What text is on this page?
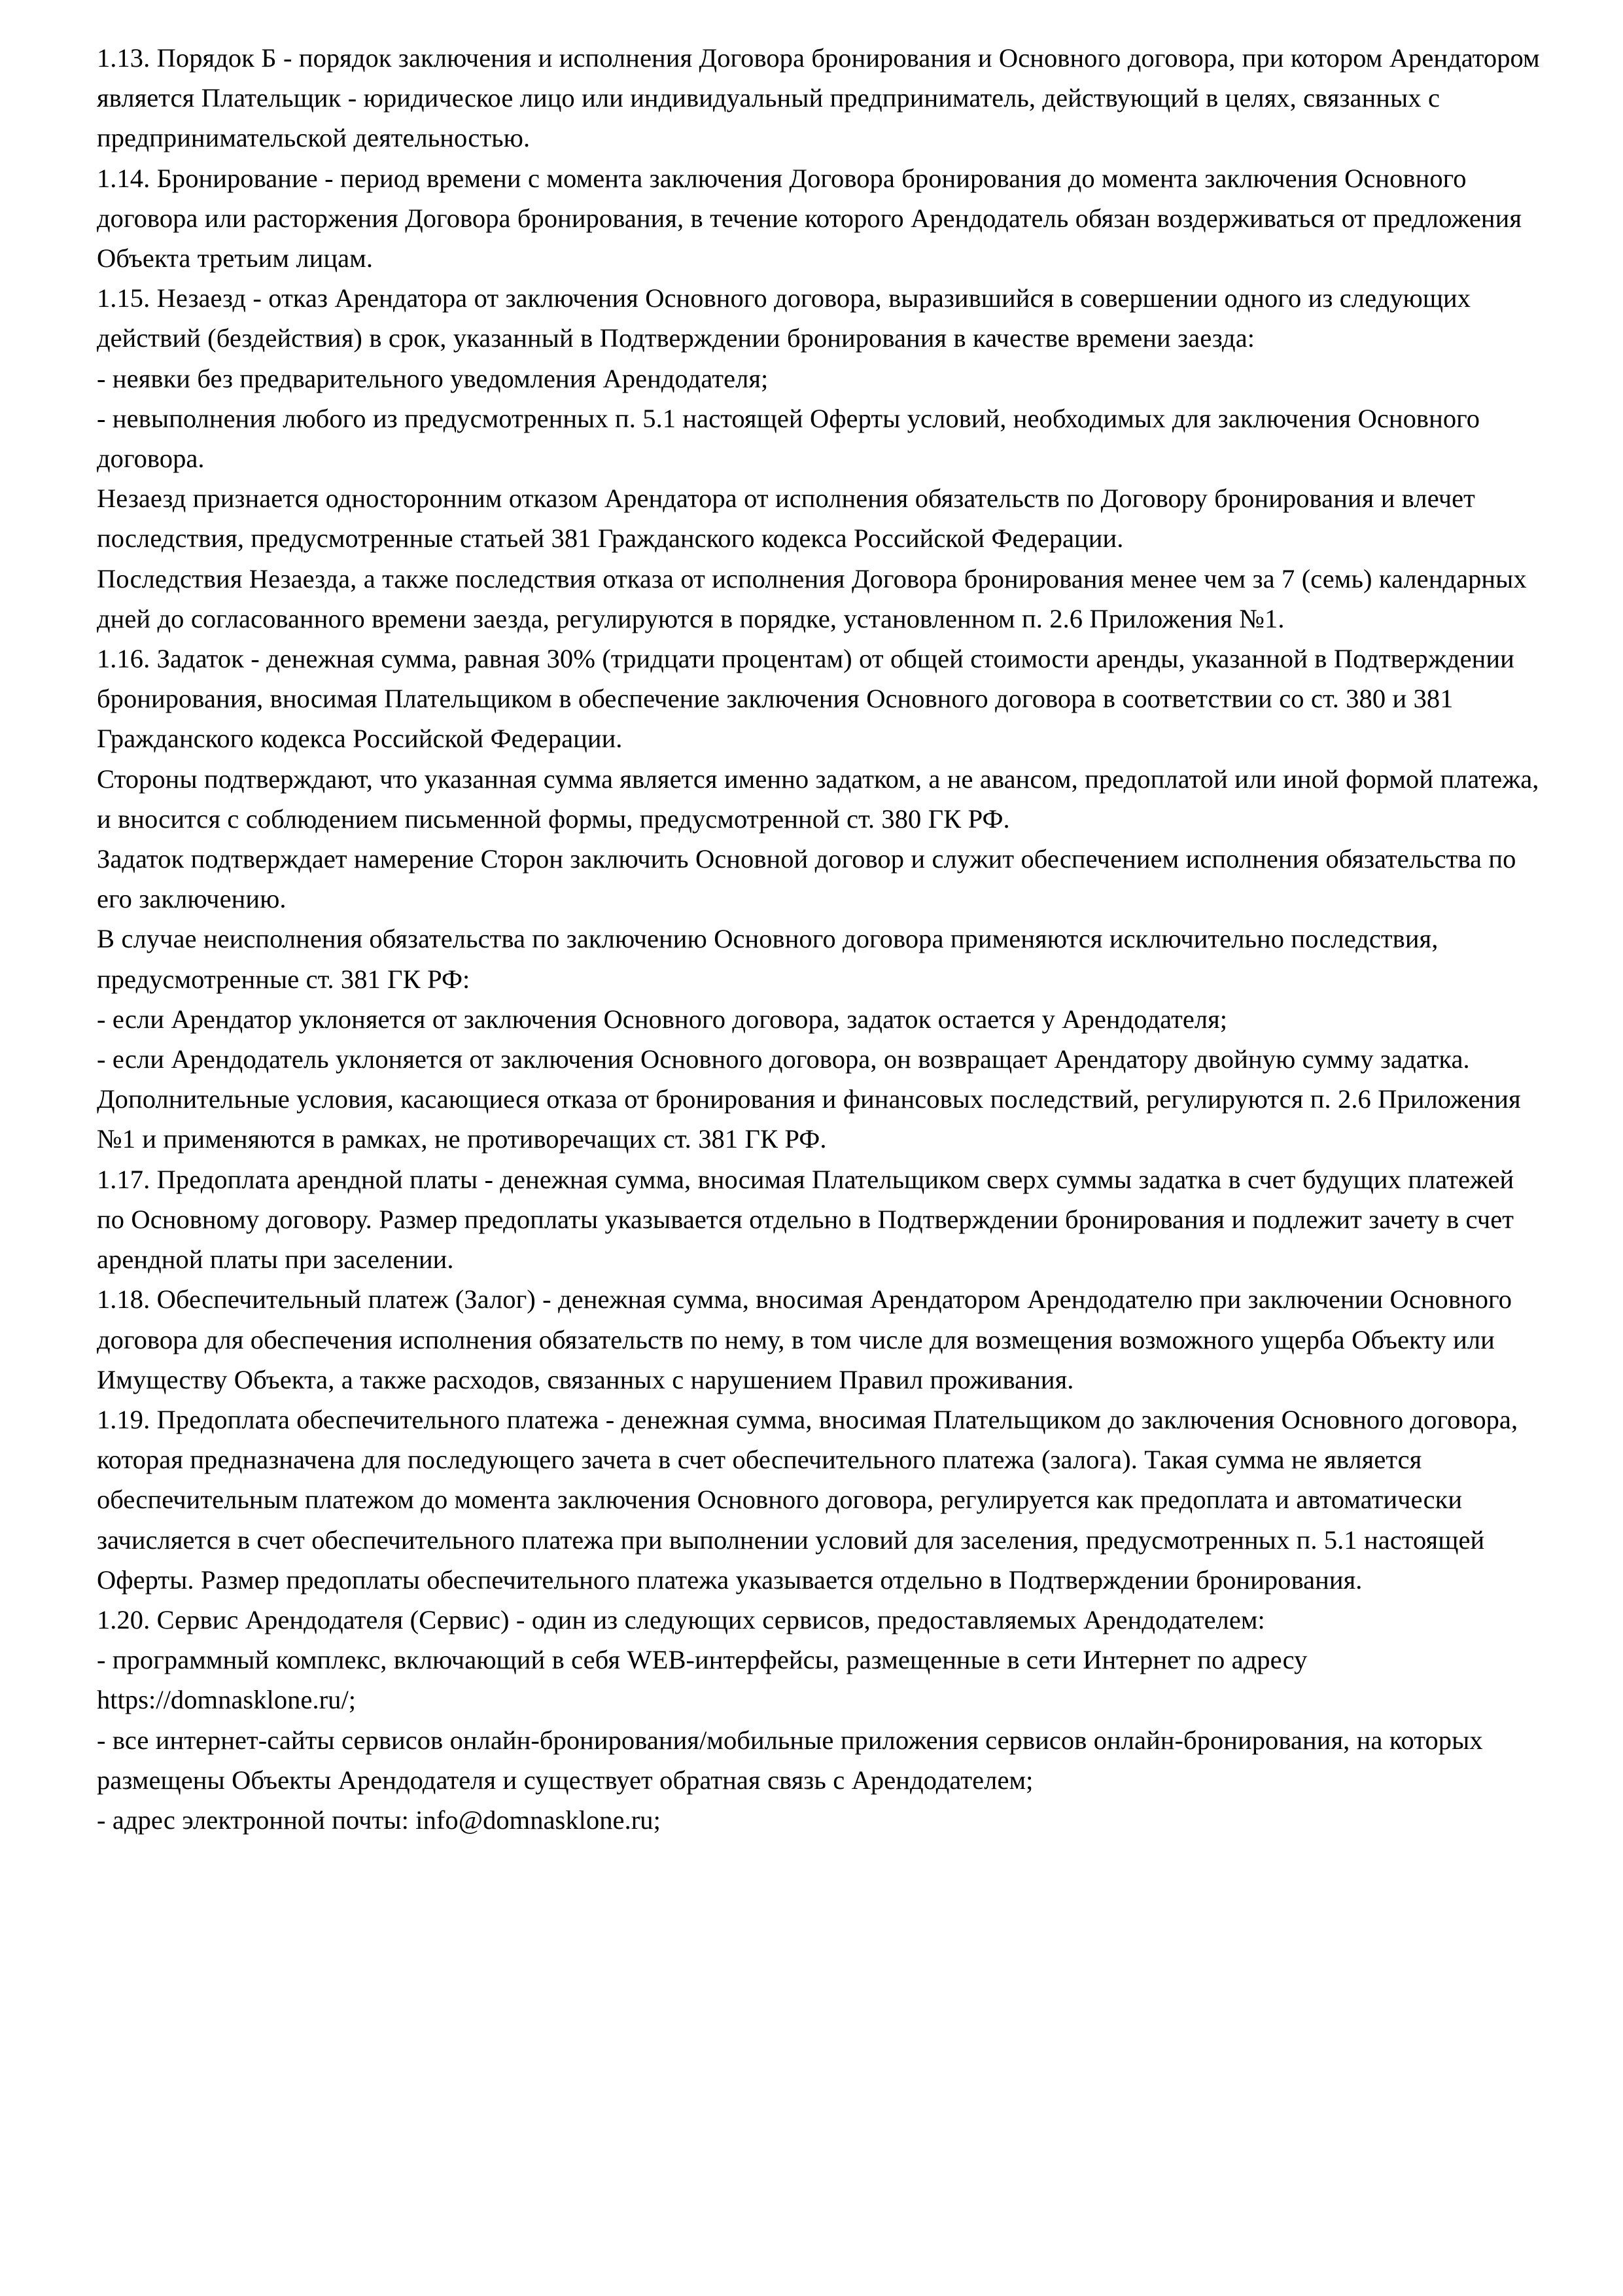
1.13. Порядок Б - порядок заключения и исполнения Договора бронирования и Основного договора, при котором Арендатором является Плательщик - юридическое лицо или индивидуальный предприниматель, действующий в целях, связанных с предпринимательской деятельностью.

1.14. Бронирование - период времени с момента заключения Договора бронирования до момента заключения Основного договора или расторжения Договора бронирования, в течение которого Арендодатель обязан воздерживаться от предложения Объекта третьим лицам.

1.15. Незаезд - отказ Арендатора от заключения Основного договора, выразившийся в совершении одного из следующих действий (бездействия) в срок, указанный в Подтверждении бронирования в качестве времени заезда:

- неявки без предварительного уведомления Арендодателя;

- невыполнения любого из предусмотренных п. 5.1 настоящей Оферты условий, необходимых для заключения Основного договора.

Незаезд признается односторонним отказом Арендатора от исполнения обязательств по Договору бронирования и влечет последствия, предусмотренные статьей 381 Гражданского кодекса Российской Федерации.

Последствия Незаезда, а также последствия отказа от исполнения Договора бронирования менее чем за 7 (семь) календарных дней до согласованного времени заезда, регулируются в порядке, установленном п. 2.6 Приложения №1.

1.16. Задаток - денежная сумма, равная 30% (тридцати процентам) от общей стоимости аренды, указанной в Подтверждении бронирования, вносимая Плательщиком в обеспечение заключения Основного договора в соответствии со ст. 380 и 381 Гражданского кодекса Российской Федерации.

Стороны подтверждают, что указанная сумма является именно задатком, а не авансом, предоплатой или иной формой платежа, и вносится с соблюдением письменной формы, предусмотренной ст. 380 ГК РФ.

Задаток подтверждает намерение Сторон заключить Основной договор и служит обеспечением исполнения обязательства по его заключению.

В случае неисполнения обязательства по заключению Основного договора применяются исключительно последствия, предусмотренные ст. 381 ГК РФ:

- если Арендатор уклоняется от заключения Основного договора, задаток остается у Арендодателя;

- если Арендодатель уклоняется от заключения Основного договора, он возвращает Арендатору двойную сумму задатка.

Дополнительные условия, касающиеся отказа от бронирования и финансовых последствий, регулируются п. 2.6 Приложения №1 и применяются в рамках, не противоречащих ст. 381 ГК РФ.

1.17. Предоплата арендной платы - денежная сумма, вносимая Плательщиком сверх суммы задатка в счет будущих платежей по Основному договору. Размер предоплаты указывается отдельно в Подтверждении бронирования и подлежит зачету в счет арендной платы при заселении.

1.18. Обеспечительный платеж (Залог) - денежная сумма, вносимая Арендатором Арендодателю при заключении Основного договора для обеспечения исполнения обязательств по нему, в том числе для возмещения возможного ущерба Объекту или Имуществу Объекта, а также расходов, связанных с нарушением Правил проживания.

1.19. Предоплата обеспечительного платежа - денежная сумма, вносимая Плательщиком до заключения Основного договора, которая предназначена для последующего зачета в счет обеспечительного платежа (залога). Такая сумма не является обеспечительным платежом до момента заключения Основного договора, регулируется как предоплата и автоматически зачисляется в счет обеспечительного платежа при выполнении условий для заселения, предусмотренных п. 5.1 настоящей Оферты. Размер предоплаты обеспечительного платежа указывается отдельно в Подтверждении бронирования.

1.20. Сервис Арендодателя (Сервис) - один из следующих сервисов, предоставляемых Арендодателем:

- программный комплекс, включающий в себя WEB-интерфейсы, размещенные в сети Интернет по адресу https://domnasklone.ru/;

- все интернет-сайты сервисов онлайн-бронирования/мобильные приложения сервисов онлайн-бронирования, на которых размещены Объекты Арендодателя и существует обратная связь с Арендодателем;

- адрес электронной почты: info@domnasklone.ru;
